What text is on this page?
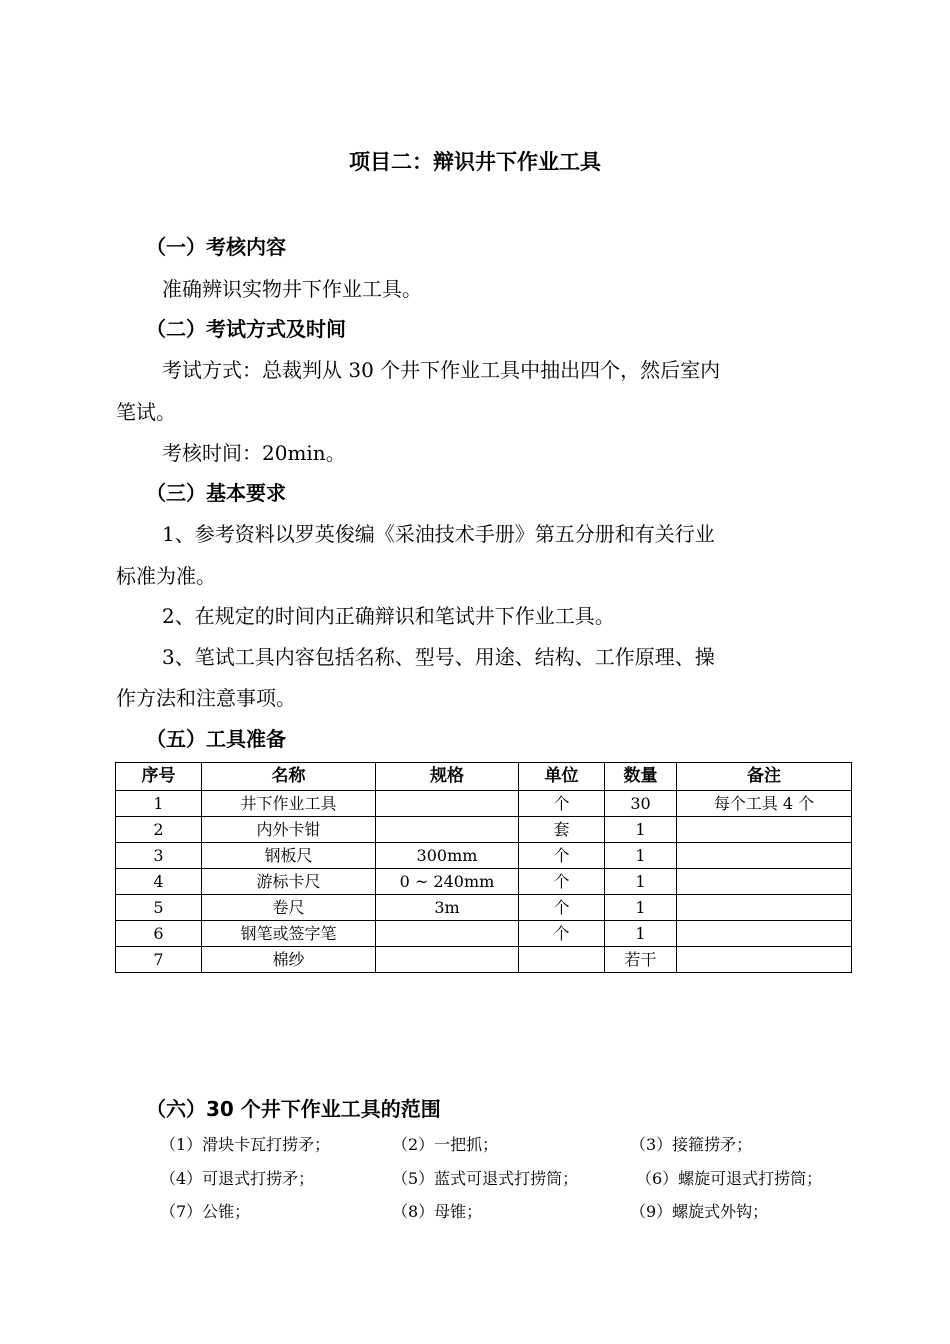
项目二：辩识井下作业工具
（一）考核内容
准确辨识实物井下作业工具。
（二）考试方式及时间
考试方式：总裁判从 30 个井下作业工具中抽出四个，然后室内
笔试。
考核时间：20min。
（三）基本要求
1、参考资料以罗英俊编《采油技术手册》第五分册和有关行业
标准为准。
2、在规定的时间内正确辩识和笔试井下作业工具。
3、笔试工具内容包括名称、型号、用途、结构、工作原理、操
作方法和注意事项。
（五）工具准备
序号	名称	规格	单位	数量	备注
1	井下作业工具		个	30	每个工具 4 个
2	内外卡钳		套	1	
3	钢板尺	300mm	个	1	
4	游标卡尺	0 ~ 240mm	个	1	
5	卷尺	3m	个	1	
6	钢笔或签字笔		个	1	
7	棉纱			若干	
（六）30 个井下作业工具的范围
（1）滑块卡瓦打捞矛；	（2）一把抓；	（3）接箍捞矛；
（4）可退式打捞矛；	（5）蓝式可退式打捞筒；	（6）螺旋可退式打捞筒；
（7）公锥；	（8）母锥；	（9）螺旋式外钩；
